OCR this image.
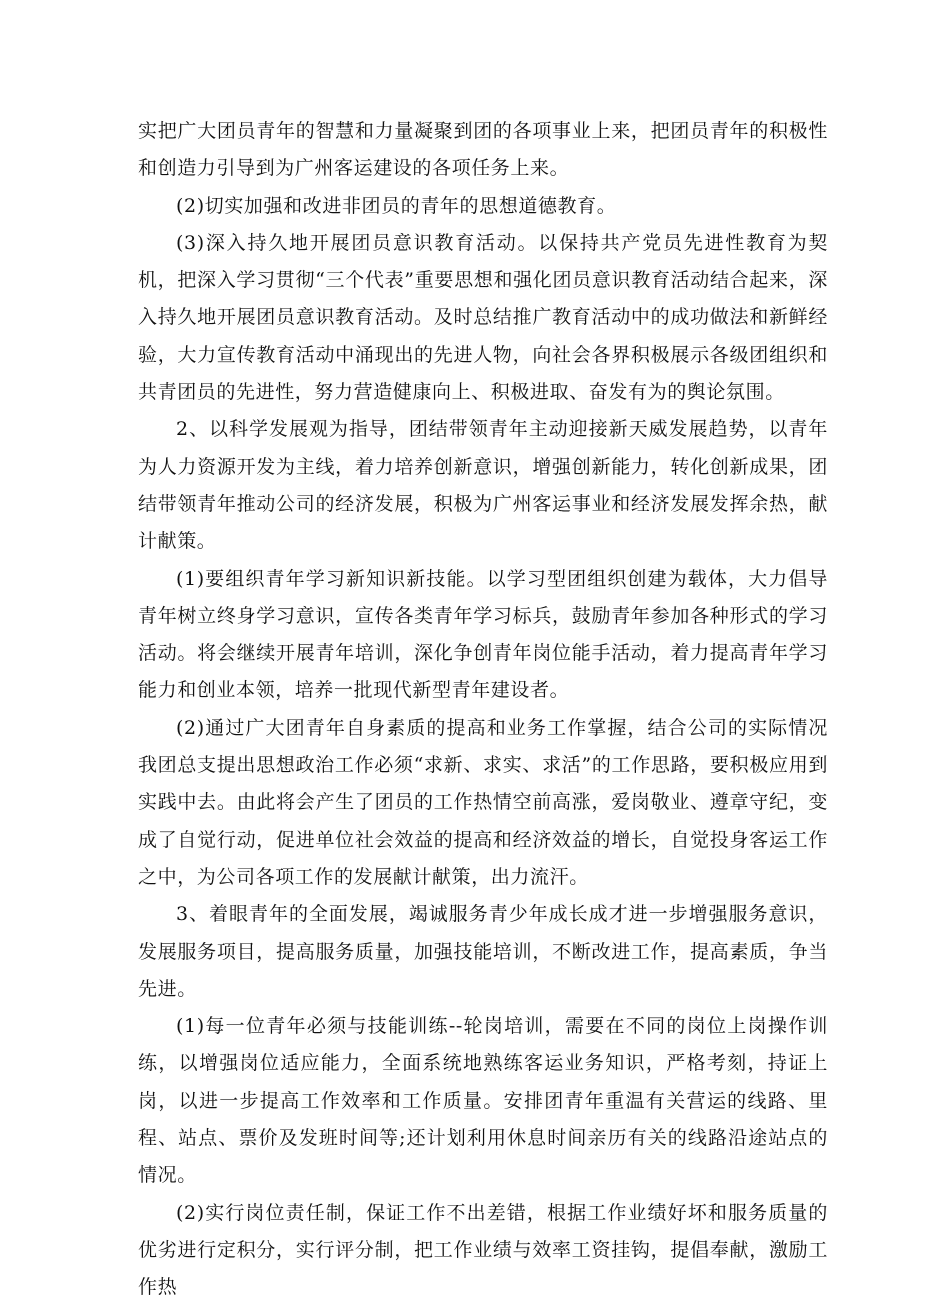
实把广大团员青年的智慧和力量凝聚到团的各项事业上来，把团员青年的积极性和创造力引导到为广州客运建设的各项任务上来。

(2)切实加强和改进非团员的青年的思想道德教育。

(3)深入持久地开展团员意识教育活动。以保持共产党员先进性教育为契机，把深入学习贯彻“三个代表”重要思想和强化团员意识教育活动结合起来，深入持久地开展团员意识教育活动。及时总结推广教育活动中的成功做法和新鲜经验，大力宣传教育活动中涌现出的先进人物，向社会各界积极展示各级团组织和共青团员的先进性，努力营造健康向上、积极进取、奋发有为的舆论氛围。

2、以科学发展观为指导，团结带领青年主动迎接新天威发展趋势，以青年为人力资源开发为主线，着力培养创新意识，增强创新能力，转化创新成果，团结带领青年推动公司的经济发展，积极为广州客运事业和经济发展发挥余热，献计献策。

(1)要组织青年学习新知识新技能。以学习型团组织创建为载体，大力倡导青年树立终身学习意识，宣传各类青年学习标兵，鼓励青年参加各种形式的学习活动。将会继续开展青年培训，深化争创青年岗位能手活动，着力提高青年学习能力和创业本领，培养一批现代新型青年建设者。

(2)通过广大团青年自身素质的提高和业务工作掌握，结合公司的实际情况我团总支提出思想政治工作必须“求新、求实、求活”的工作思路，要积极应用到实践中去。由此将会产生了团员的工作热情空前高涨，爱岗敬业、遵章守纪，变成了自觉行动，促进单位社会效益的提高和经济效益的增长，自觉投身客运工作之中，为公司各项工作的发展献计献策，出力流汗。

3、着眼青年的全面发展，竭诚服务青少年成长成才进一步增强服务意识，发展服务项目，提高服务质量，加强技能培训，不断改进工作，提高素质，争当先进。

(1)每一位青年必须与技能训练--轮岗培训，需要在不同的岗位上岗操作训练，以增强岗位适应能力，全面系统地熟练客运业务知识，严格考刻，持证上岗，以进一步提高工作效率和工作质量。安排团青年重温有关营运的线路、里程、站点、票价及发班时间等;还计划利用休息时间亲历有关的线路沿途站点的情况。

(2)实行岗位责任制，保证工作不出差错，根据工作业绩好坏和服务质量的优劣进行定积分，实行评分制，把工作业绩与效率工资挂钩，提倡奉献，激励工作热
